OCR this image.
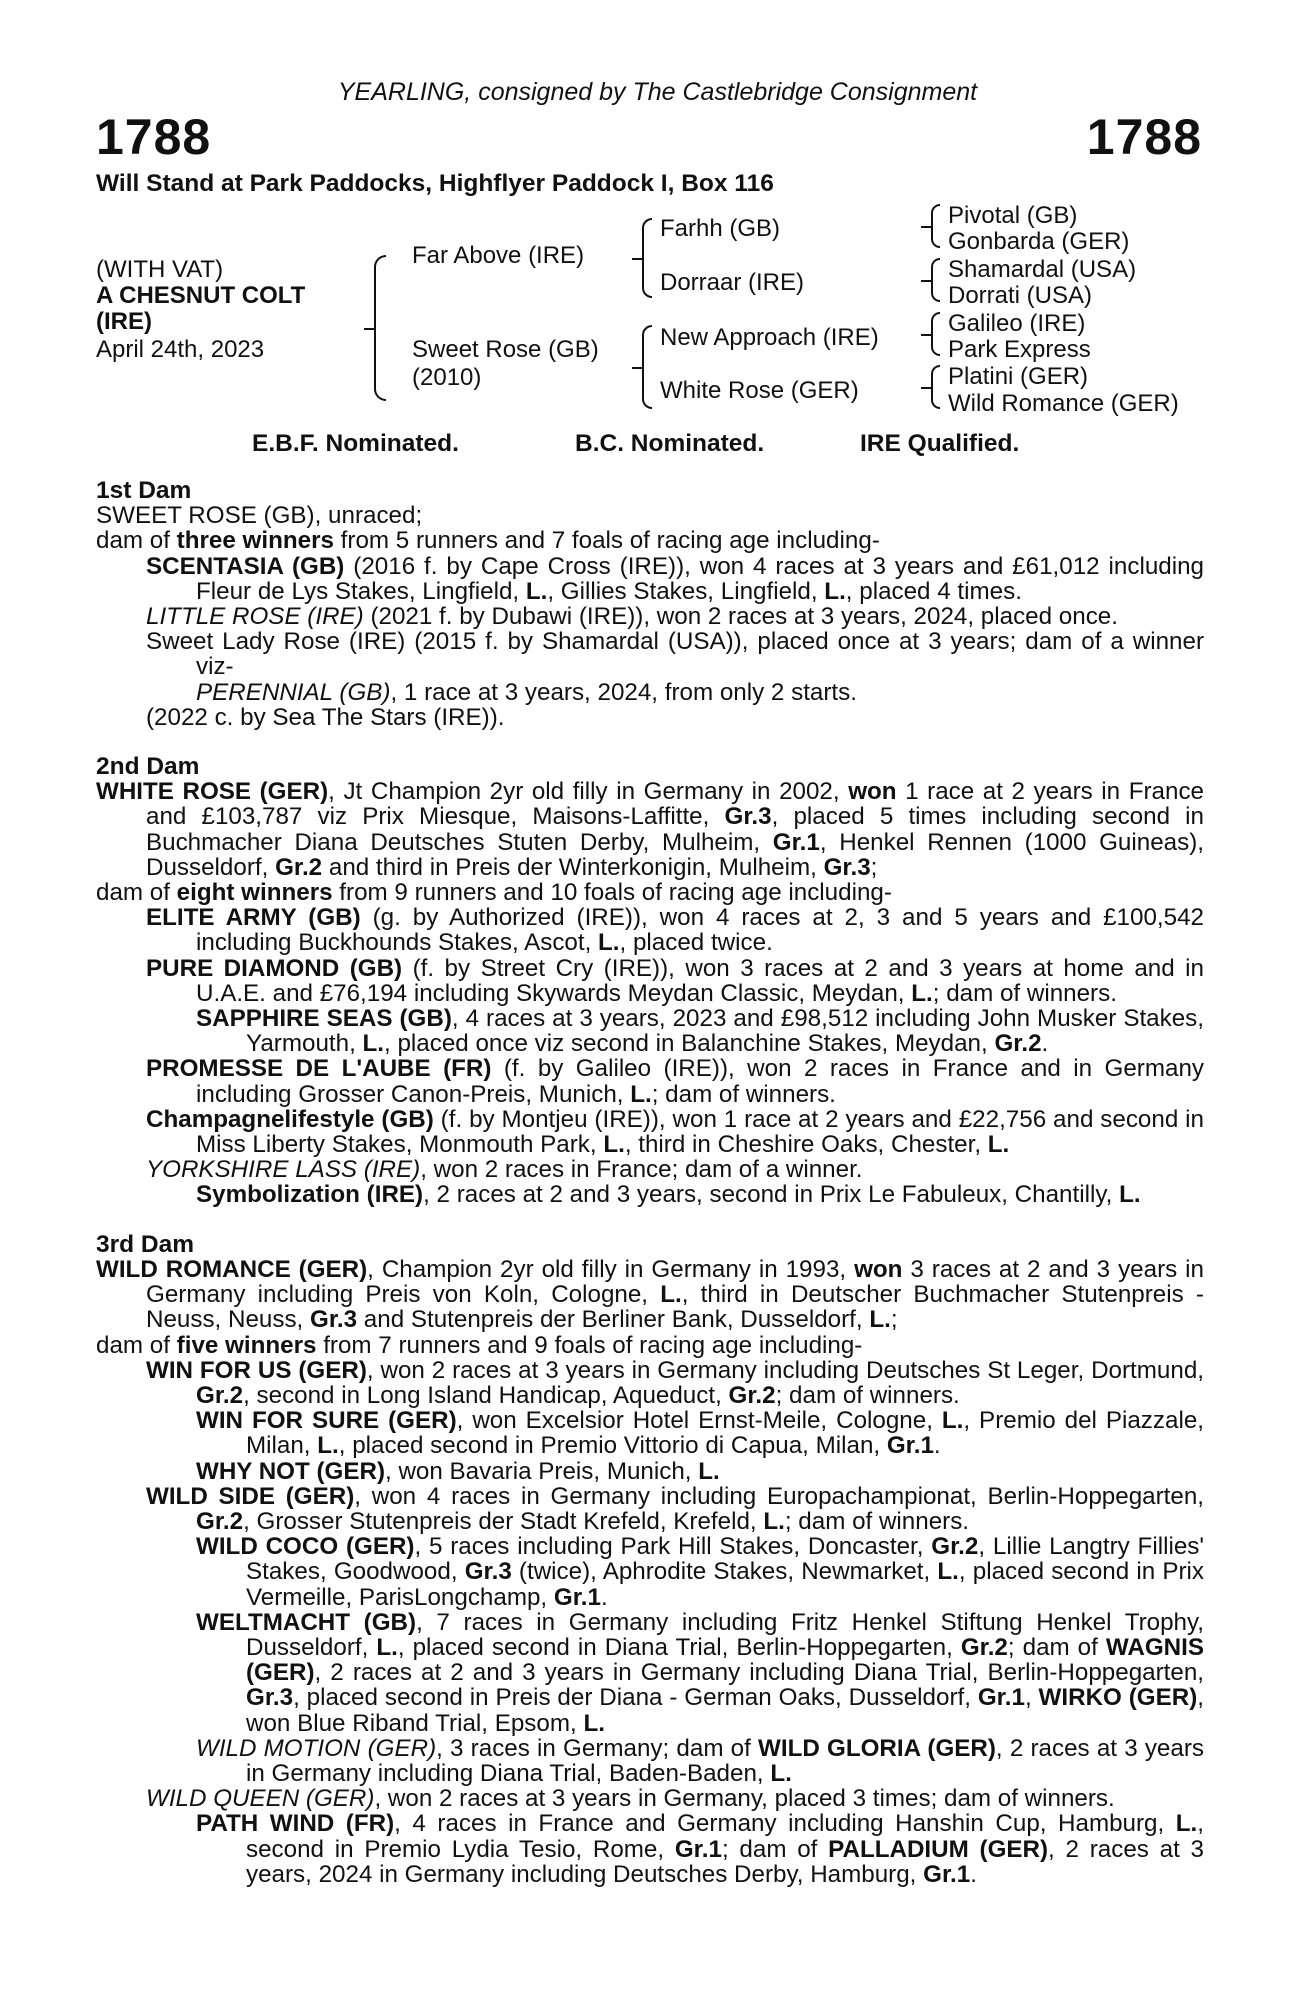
YEARLING, consigned by The Castlebridge Consignment
1788	1788
Will Stand at Park Paddocks, Highflyer Paddock I, Box 116
(WITH VAT)
A CHESNUT COLT
(IRE)
April 24th, 2023
Far Above (IRE)
Sweet Rose (GB)
(2010)
Farhh (GB)
Dorraar (IRE)
New Approach (IRE)
White Rose (GER)
Pivotal (GB)
Gonbarda (GER)
Shamardal (USA)
Dorrati (USA)
Galileo (IRE)
Park Express
Platini (GER)
Wild Romance (GER)
E.B.F. Nominated.	B.C. Nominated.	IRE Qualified.
1st Dam
SWEET ROSE (GB), unraced;
dam of three winners from 5 runners and 7 foals of racing age including-
SCENTASIA (GB) (2016 f. by Cape Cross (IRE)), won 4 races at 3 years and £61,012 including Fleur de Lys Stakes, Lingfield, L., Gillies Stakes, Lingfield, L., placed 4 times.
LITTLE ROSE (IRE) (2021 f. by Dubawi (IRE)), won 2 races at 3 years, 2024, placed once.
Sweet Lady Rose (IRE) (2015 f. by Shamardal (USA)), placed once at 3 years; dam of a winner viz-
PERENNIAL (GB), 1 race at 3 years, 2024, from only 2 starts.
(2022 c. by Sea The Stars (IRE)).
2nd Dam
WHITE ROSE (GER), Jt Champion 2yr old filly in Germany in 2002, won 1 race at 2 years in France and £103,787 viz Prix Miesque, Maisons-Laffitte, Gr.3, placed 5 times including second in Buchmacher Diana Deutsches Stuten Derby, Mulheim, Gr.1, Henkel Rennen (1000 Guineas), Dusseldorf, Gr.2 and third in Preis der Winterkonigin, Mulheim, Gr.3;
dam of eight winners from 9 runners and 10 foals of racing age including-
ELITE ARMY (GB) (g. by Authorized (IRE)), won 4 races at 2, 3 and 5 years and £100,542 including Buckhounds Stakes, Ascot, L., placed twice.
PURE DIAMOND (GB) (f. by Street Cry (IRE)), won 3 races at 2 and 3 years at home and in U.A.E. and £76,194 including Skywards Meydan Classic, Meydan, L.; dam of winners.
SAPPHIRE SEAS (GB), 4 races at 3 years, 2023 and £98,512 including John Musker Stakes, Yarmouth, L., placed once viz second in Balanchine Stakes, Meydan, Gr.2.
PROMESSE DE L'AUBE (FR) (f. by Galileo (IRE)), won 2 races in France and in Germany including Grosser Canon-Preis, Munich, L.; dam of winners.
Champagnelifestyle (GB) (f. by Montjeu (IRE)), won 1 race at 2 years and £22,756 and second in Miss Liberty Stakes, Monmouth Park, L., third in Cheshire Oaks, Chester, L.
YORKSHIRE LASS (IRE), won 2 races in France; dam of a winner.
Symbolization (IRE), 2 races at 2 and 3 years, second in Prix Le Fabuleux, Chantilly, L.
3rd Dam
WILD ROMANCE (GER), Champion 2yr old filly in Germany in 1993, won 3 races at 2 and 3 years in Germany including Preis von Koln, Cologne, L., third in Deutscher Buchmacher Stutenpreis - Neuss, Neuss, Gr.3 and Stutenpreis der Berliner Bank, Dusseldorf, L.;
dam of five winners from 7 runners and 9 foals of racing age including-
WIN FOR US (GER), won 2 races at 3 years in Germany including Deutsches St Leger, Dortmund, Gr.2, second in Long Island Handicap, Aqueduct, Gr.2; dam of winners.
WIN FOR SURE (GER), won Excelsior Hotel Ernst-Meile, Cologne, L., Premio del Piazzale, Milan, L., placed second in Premio Vittorio di Capua, Milan, Gr.1.
WHY NOT (GER), won Bavaria Preis, Munich, L.
WILD SIDE (GER), won 4 races in Germany including Europachampionat, Berlin-Hoppegarten, Gr.2, Grosser Stutenpreis der Stadt Krefeld, Krefeld, L.; dam of winners.
WILD COCO (GER), 5 races including Park Hill Stakes, Doncaster, Gr.2, Lillie Langtry Fillies' Stakes, Goodwood, Gr.3 (twice), Aphrodite Stakes, Newmarket, L., placed second in Prix Vermeille, ParisLongchamp, Gr.1.
WELTMACHT (GB), 7 races in Germany including Fritz Henkel Stiftung Henkel Trophy, Dusseldorf, L., placed second in Diana Trial, Berlin-Hoppegarten, Gr.2; dam of WAGNIS (GER), 2 races at 2 and 3 years in Germany including Diana Trial, Berlin-Hoppegarten, Gr.3, placed second in Preis der Diana - German Oaks, Dusseldorf, Gr.1, WIRKO (GER), won Blue Riband Trial, Epsom, L.
WILD MOTION (GER), 3 races in Germany; dam of WILD GLORIA (GER), 2 races at 3 years in Germany including Diana Trial, Baden-Baden, L.
WILD QUEEN (GER), won 2 races at 3 years in Germany, placed 3 times; dam of winners.
PATH WIND (FR), 4 races in France and Germany including Hanshin Cup, Hamburg, L., second in Premio Lydia Tesio, Rome, Gr.1; dam of PALLADIUM (GER), 2 races at 3 years, 2024 in Germany including Deutsches Derby, Hamburg, Gr.1.
